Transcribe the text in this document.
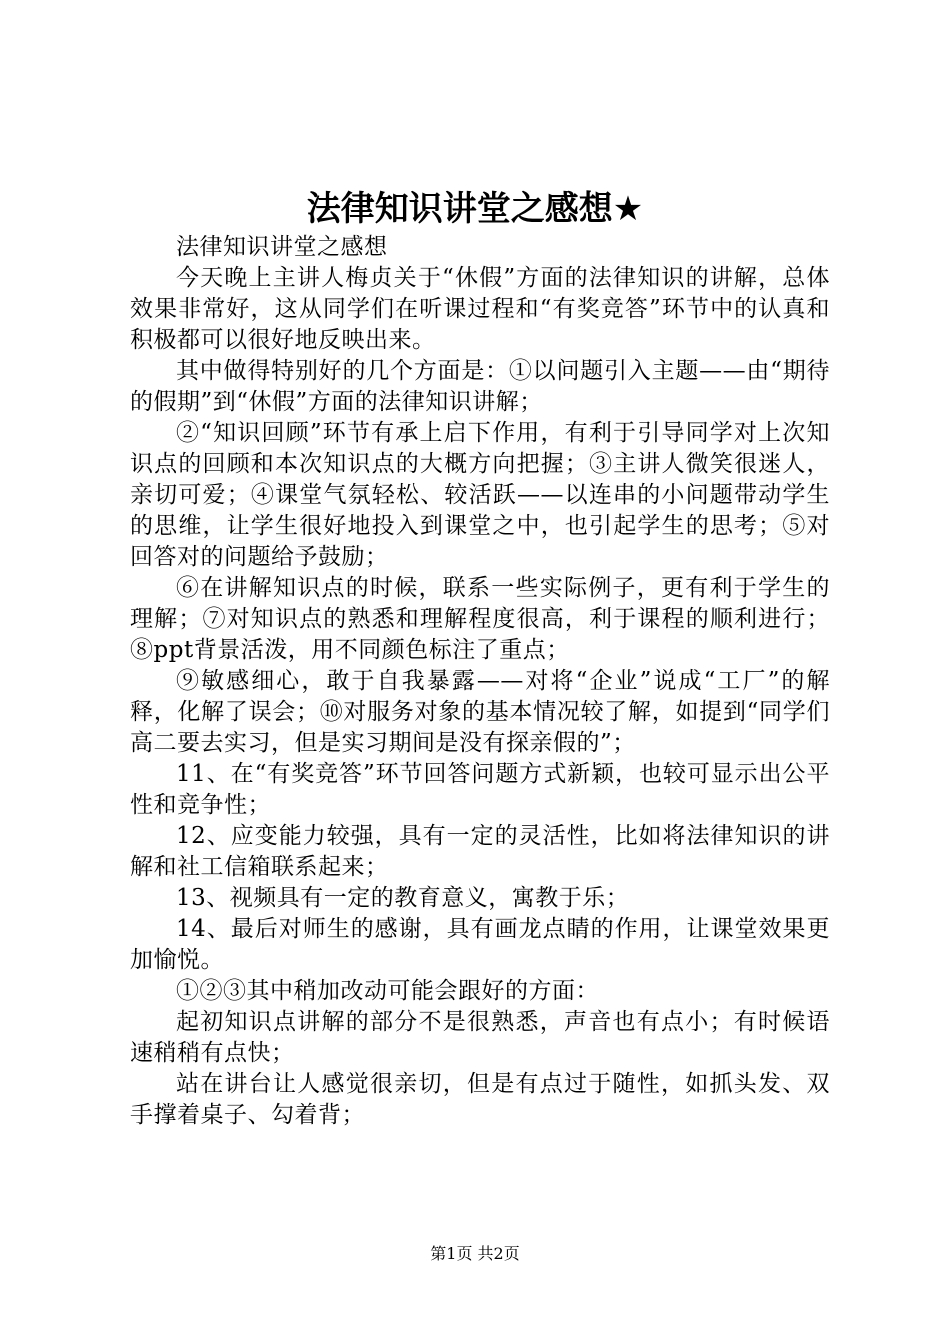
法律知识讲堂之感想★

法律知识讲堂之感想

今天晚上主讲人梅贞关于“休假”方面的法律知识的讲解，总体效果非常好，这从同学们在听课过程和“有奖竞答”环节中的认真和积极都可以很好地反映出来。

其中做得特别好的几个方面是：①以问题引入主题——由“期待的假期”到“休假”方面的法律知识讲解；

②“知识回顾”环节有承上启下作用，有利于引导同学对上次知识点的回顾和本次知识点的大概方向把握；③主讲人微笑很迷人，亲切可爱；④课堂气氛轻松、较活跃——以连串的小问题带动学生的思维，让学生很好地投入到课堂之中，也引起学生的思考；⑤对回答对的问题给予鼓励；

⑥在讲解知识点的时候，联系一些实际例子，更有利于学生的理解；⑦对知识点的熟悉和理解程度很高，利于课程的顺利进行；⑧ppt背景活泼，用不同颜色标注了重点；

⑨敏感细心，敢于自我暴露——对将“企业”说成“工厂”的解释，化解了误会；⑩对服务对象的基本情况较了解，如提到“同学们高二要去实习，但是实习期间是没有探亲假的”；

11、在“有奖竞答”环节回答问题方式新颖，也较可显示出公平性和竞争性；

12、应变能力较强，具有一定的灵活性，比如将法律知识的讲解和社工信箱联系起来；

13、视频具有一定的教育意义，寓教于乐；

14、最后对师生的感谢，具有画龙点睛的作用，让课堂效果更加愉悦。

①②③其中稍加改动可能会跟好的方面：

起初知识点讲解的部分不是很熟悉，声音也有点小；有时候语速稍稍有点快；

站在讲台让人感觉很亲切，但是有点过于随性，如抓头发、双手撑着桌子、勾着背；

第1页 共2页
